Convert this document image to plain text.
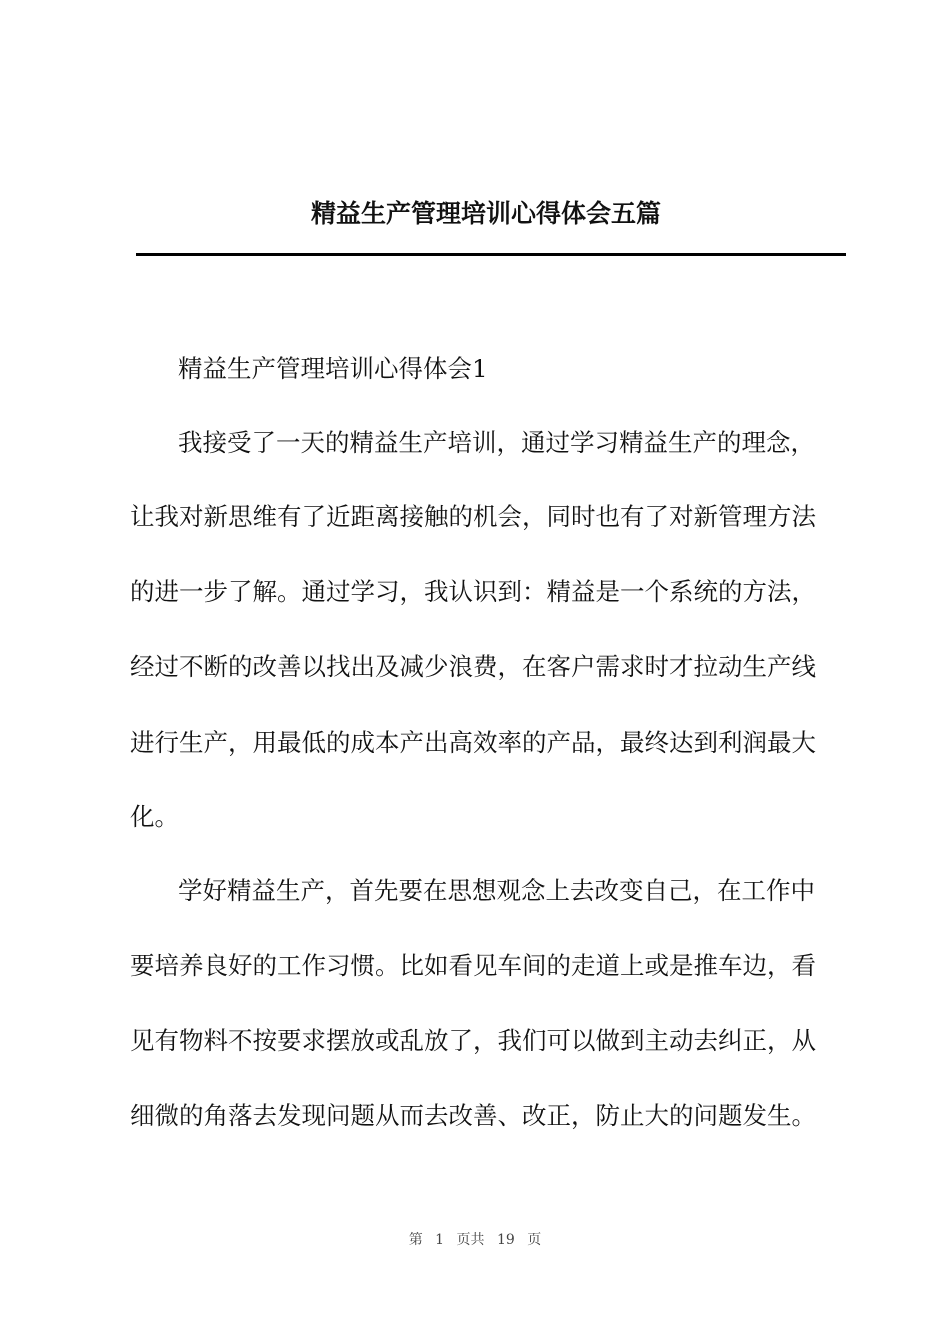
精益生产管理培训心得体会五篇

精益生产管理培训心得体会1

我接受了一天的精益生产培训，通过学习精益生产的理念，

让我对新思维有了近距离接触的机会，同时也有了对新管理方法

的进一步了解。通过学习，我认识到：精益是一个系统的方法，

经过不断的改善以找出及减少浪费，在客户需求时才拉动生产线

进行生产，用最低的成本产出高效率的产品，最终达到利润最大

化。

学好精益生产，首先要在思想观念上去改变自己，在工作中

要培养良好的工作习惯。比如看见车间的走道上或是推车边，看

见有物料不按要求摆放或乱放了，我们可以做到主动去纠正，从

细微的角落去发现问题从而去改善、改正，防止大的问题发生。

第 1 页共 19 页
